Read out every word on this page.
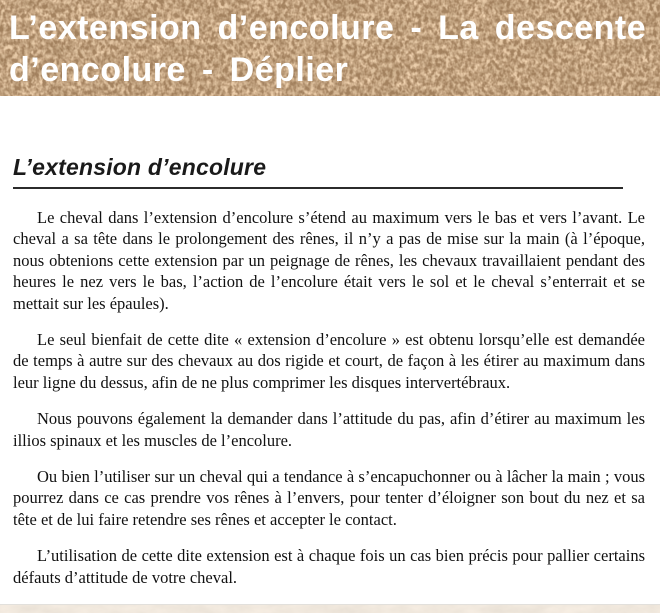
L’extension d’encolure - La descente
d’encolure - Déplier
L’extension d’encolure

Le cheval dans l’extension d’encolure s’étend au maximum vers le bas et vers l’avant. Le cheval a sa tête dans le prolongement des rênes, il n’y a pas de mise sur la main (à l’époque, nous obtenions cette extension par un peignage de rênes, les chevaux travaillaient pendant des heures le nez vers le bas, l’action de l’encolure était vers le sol et le cheval s’enterrait et se mettait sur les épaules).

Le seul bienfait de cette dite « extension d’encolure » est obtenu lorsqu’elle est demandée de temps à autre sur des chevaux au dos rigide et court, de façon à les étirer au maximum dans leur ligne du dessus, afin de ne plus comprimer les disques intervertébraux.

Nous pouvons également la demander dans l’attitude du pas, afin d’étirer au maximum les illios spinaux et les muscles de l’encolure.

Ou bien l’utiliser sur un cheval qui a tendance à s’encapuchonner ou à lâcher la main ; vous pourrez dans ce cas prendre vos rênes à l’envers, pour tenter d’éloigner son bout du nez et sa tête et de lui faire retendre ses rênes et accepter le contact.

L’utilisation de cette dite extension est à chaque fois un cas bien précis pour pallier certains défauts d’attitude de votre cheval.
